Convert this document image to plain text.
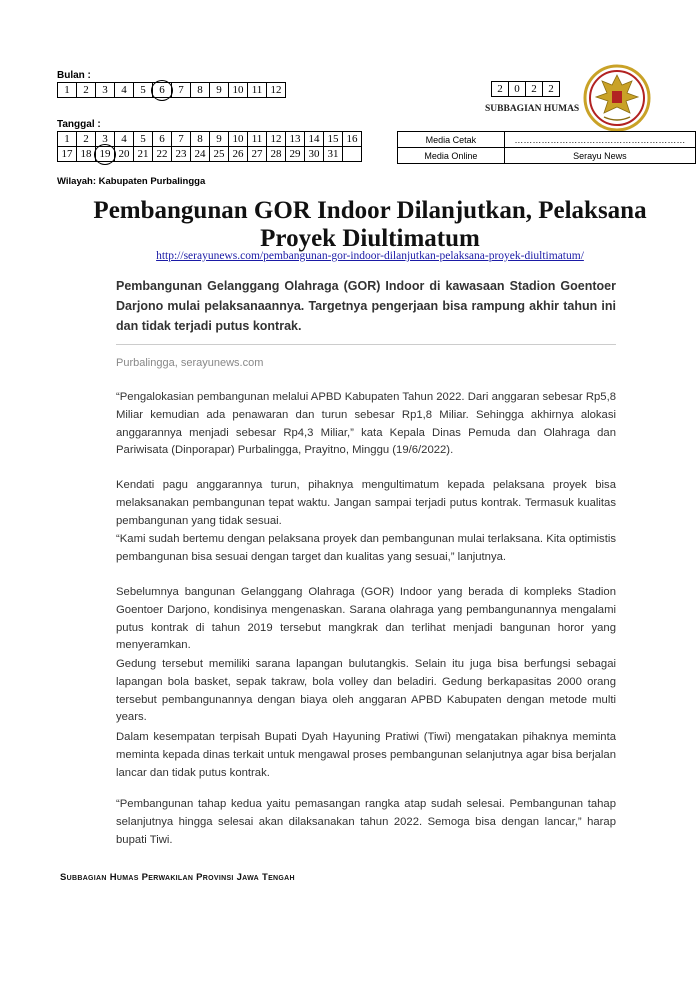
Bulan :
1	2	3	4	5	6	7	8	9	10	11	12
Tanggal :
1	2	3	4	5	6	7	8	9	10	11	12	13	14	15	16
17	18	19	20	21	22	23	24	25	26	27	28	29	30	31	
2	0	2	2
SUBBAGIAN HUMAS
Media Cetak	…………………………………………………
Media Online	Serayu News
Wilayah: Kabupaten Purbalingga
Pembangunan GOR Indoor Dilanjutkan, Pelaksana Proyek Diultimatum
http://serayunews.com/pembangunan-gor-indoor-dilanjutkan-pelaksana-proyek-diultimatum/
Pembangunan Gelanggang Olahraga (GOR) Indoor di kawasaan Stadion Goentoer Darjono mulai pelaksanaannya. Targetnya pengerjaan bisa rampung akhir tahun ini dan tidak terjadi putus kontrak.
Purbalingga, serayunews.com

“Pengalokasian pembangunan melalui APBD Kabupaten Tahun 2022. Dari anggaran sebesar Rp5,8 Miliar kemudian ada penawaran dan turun sebesar Rp1,8 Miliar. Sehingga akhirnya alokasi anggarannya menjadi sebesar Rp4,3 Miliar,” kata Kepala Dinas Pemuda dan Olahraga dan Pariwisata (Dinporapar) Purbalingga, Prayitno, Minggu (19/6/2022).

Kendati pagu anggarannya turun, pihaknya mengultimatum kepada pelaksana proyek bisa melaksanakan pembangunan tepat waktu. Jangan sampai terjadi putus kontrak. Termasuk kualitas pembangunan yang tidak sesuai.

“Kami sudah bertemu dengan pelaksana proyek dan pembangunan mulai terlaksana. Kita optimistis pembangunan bisa sesuai dengan target dan kualitas yang sesuai,” lanjutnya.

Sebelumnya bangunan Gelanggang Olahraga (GOR) Indoor yang berada di kompleks Stadion Goentoer Darjono, kondisinya mengenaskan. Sarana olahraga yang pembangunannya mengalami putus kontrak di tahun 2019 tersebut mangkrak dan terlihat menjadi bangunan horor yang menyeramkan.

Gedung tersebut memiliki sarana lapangan bulutangkis. Selain itu juga bisa berfungsi sebagai lapangan bola basket, sepak takraw, bola volley dan beladiri. Gedung berkapasitas 2000 orang tersebut pembangunannya dengan biaya oleh anggaran APBD Kabupaten dengan metode multi years.

Dalam kesempatan terpisah Bupati Dyah Hayuning Pratiwi (Tiwi) mengatakan pihaknya meminta meminta kepada dinas terkait untuk mengawal proses pembangunan selanjutnya agar bisa berjalan lancar dan tidak putus kontrak.

“Pembangunan tahap kedua yaitu pemasangan rangka atap sudah selesai. Pembangunan tahap selanjutnya hingga selesai akan dilaksanakan tahun 2022. Semoga bisa dengan lancar,” harap bupati Tiwi.

Subbagian Humas Perwakilan Provinsi Jawa Tengah
